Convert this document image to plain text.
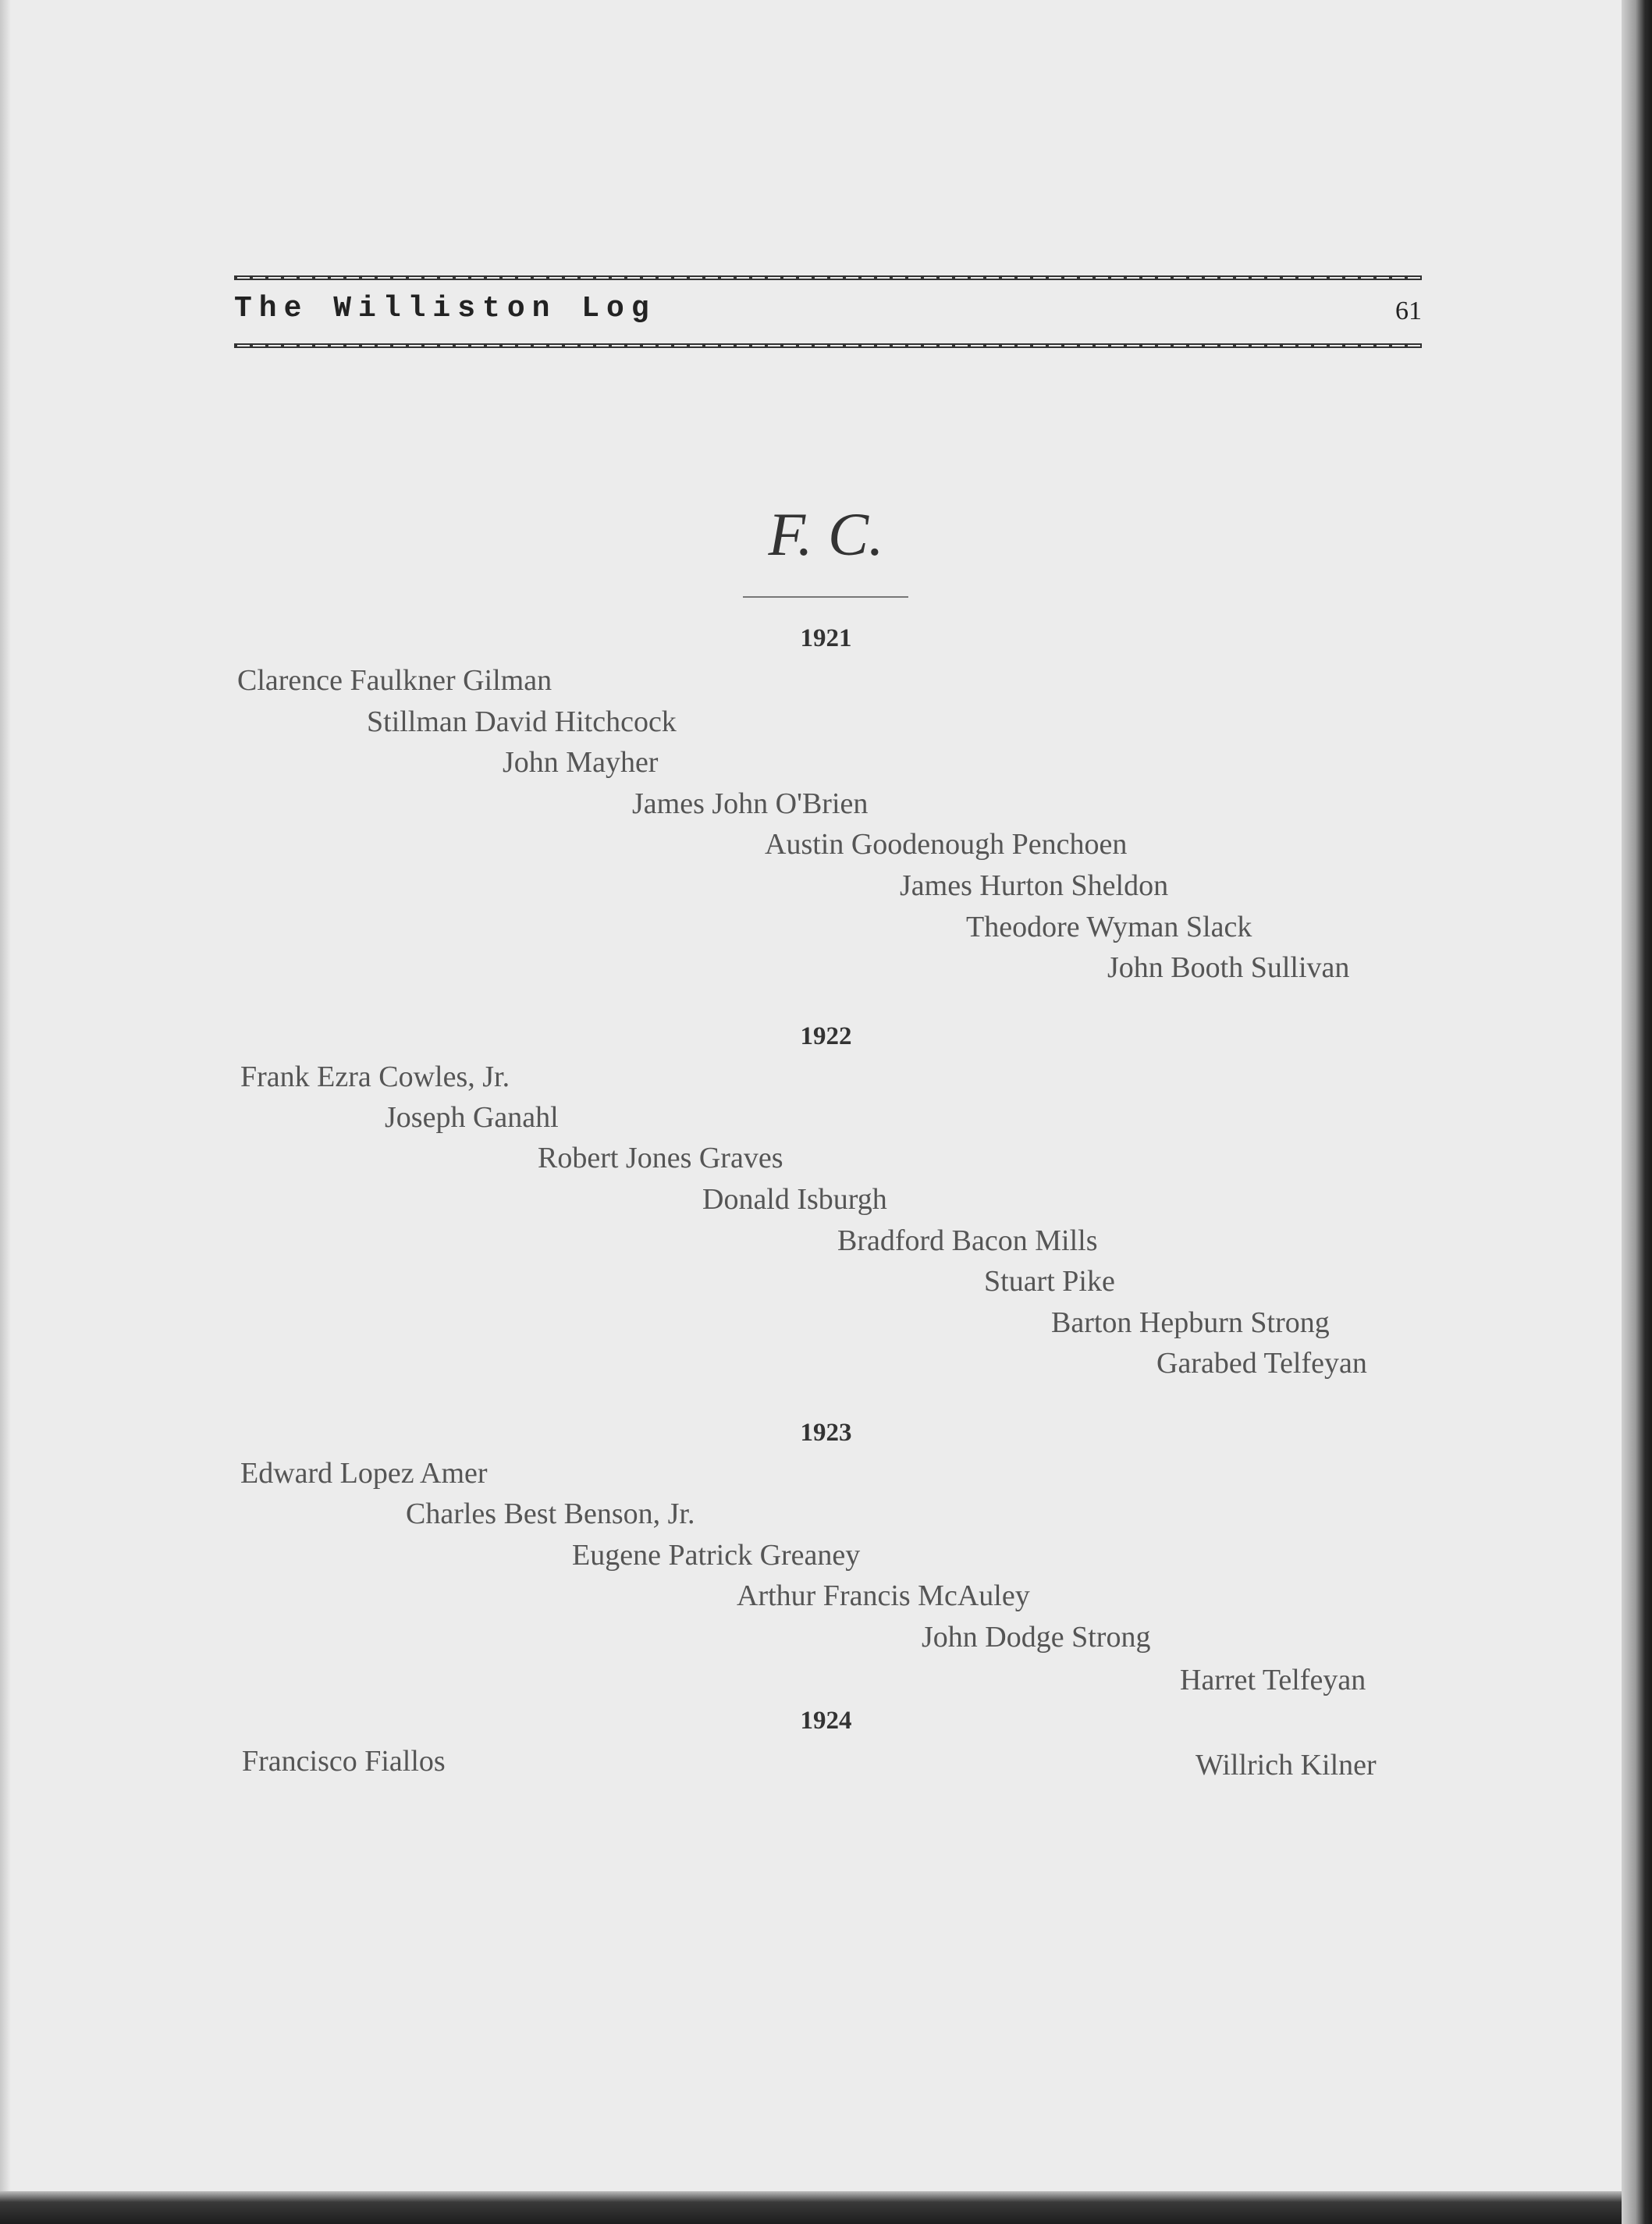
The Williston Log	61
F. C.
1921
Clarence Faulkner Gilman
Stillman David Hitchcock
John Mayher
James John O'Brien
Austin Goodenough Penchoen
James Hurton Sheldon
Theodore Wyman Slack
John Booth Sullivan
1922
Frank Ezra Cowles, Jr.
Joseph Ganahl
Robert Jones Graves
Donald Isburgh
Bradford Bacon Mills
Stuart Pike
Barton Hepburn Strong
Garabed Telfeyan
1923
Edward Lopez Amer
Charles Best Benson, Jr.
Eugene Patrick Greaney
Arthur Francis McAuley
John Dodge Strong
Harret Telfeyan
1924
Francisco Fiallos	Willrich Kilner
